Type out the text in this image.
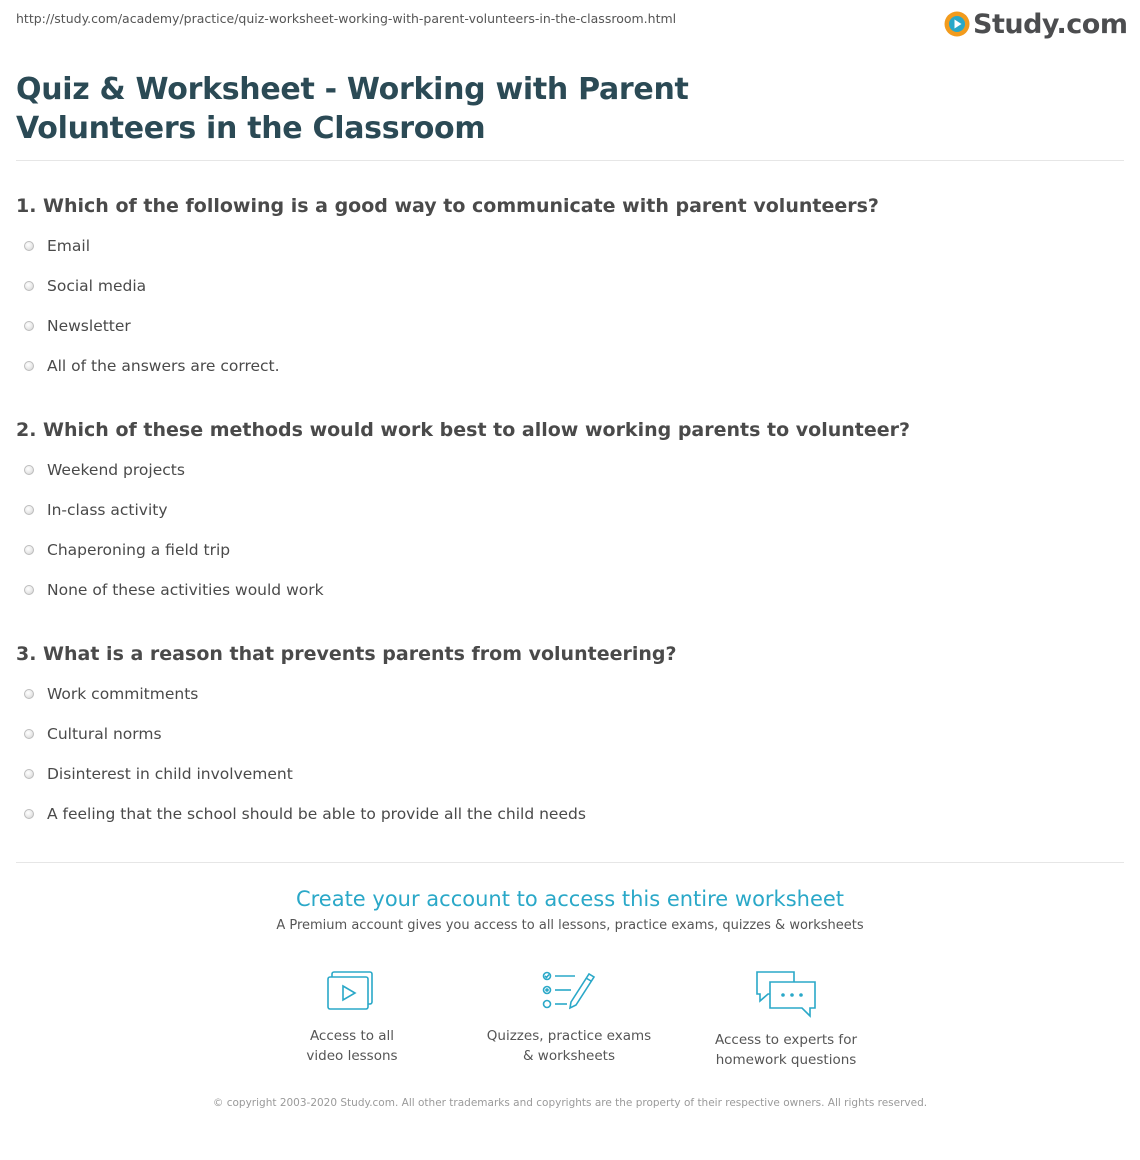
http://study.com/academy/practice/quiz-worksheet-working-with-parent-volunteers-in-the-classroom.html	Study.com
Quiz & Worksheet - Working with Parent Volunteers in the Classroom

1. Which of the following is a good way to communicate with parent volunteers?

Email
Social media
Newsletter
All of the answers are correct.

2. Which of these methods would work best to allow working parents to volunteer?

Weekend projects
In-class activity
Chaperoning a field trip
None of these activities would work

3. What is a reason that prevents parents from volunteering?

Work commitments
Cultural norms
Disinterest in child involvement
A feeling that the school should be able to provide all the child needs

Create your account to access this entire worksheet

A Premium account gives you access to all lessons, practice exams, quizzes & worksheets

Access to all
video lessons
Quizzes, practice exams
& worksheets
Access to experts for
homework questions
© copyright 2003-2020 Study.com. All other trademarks and copyrights are the property of their respective owners. All rights reserved.
